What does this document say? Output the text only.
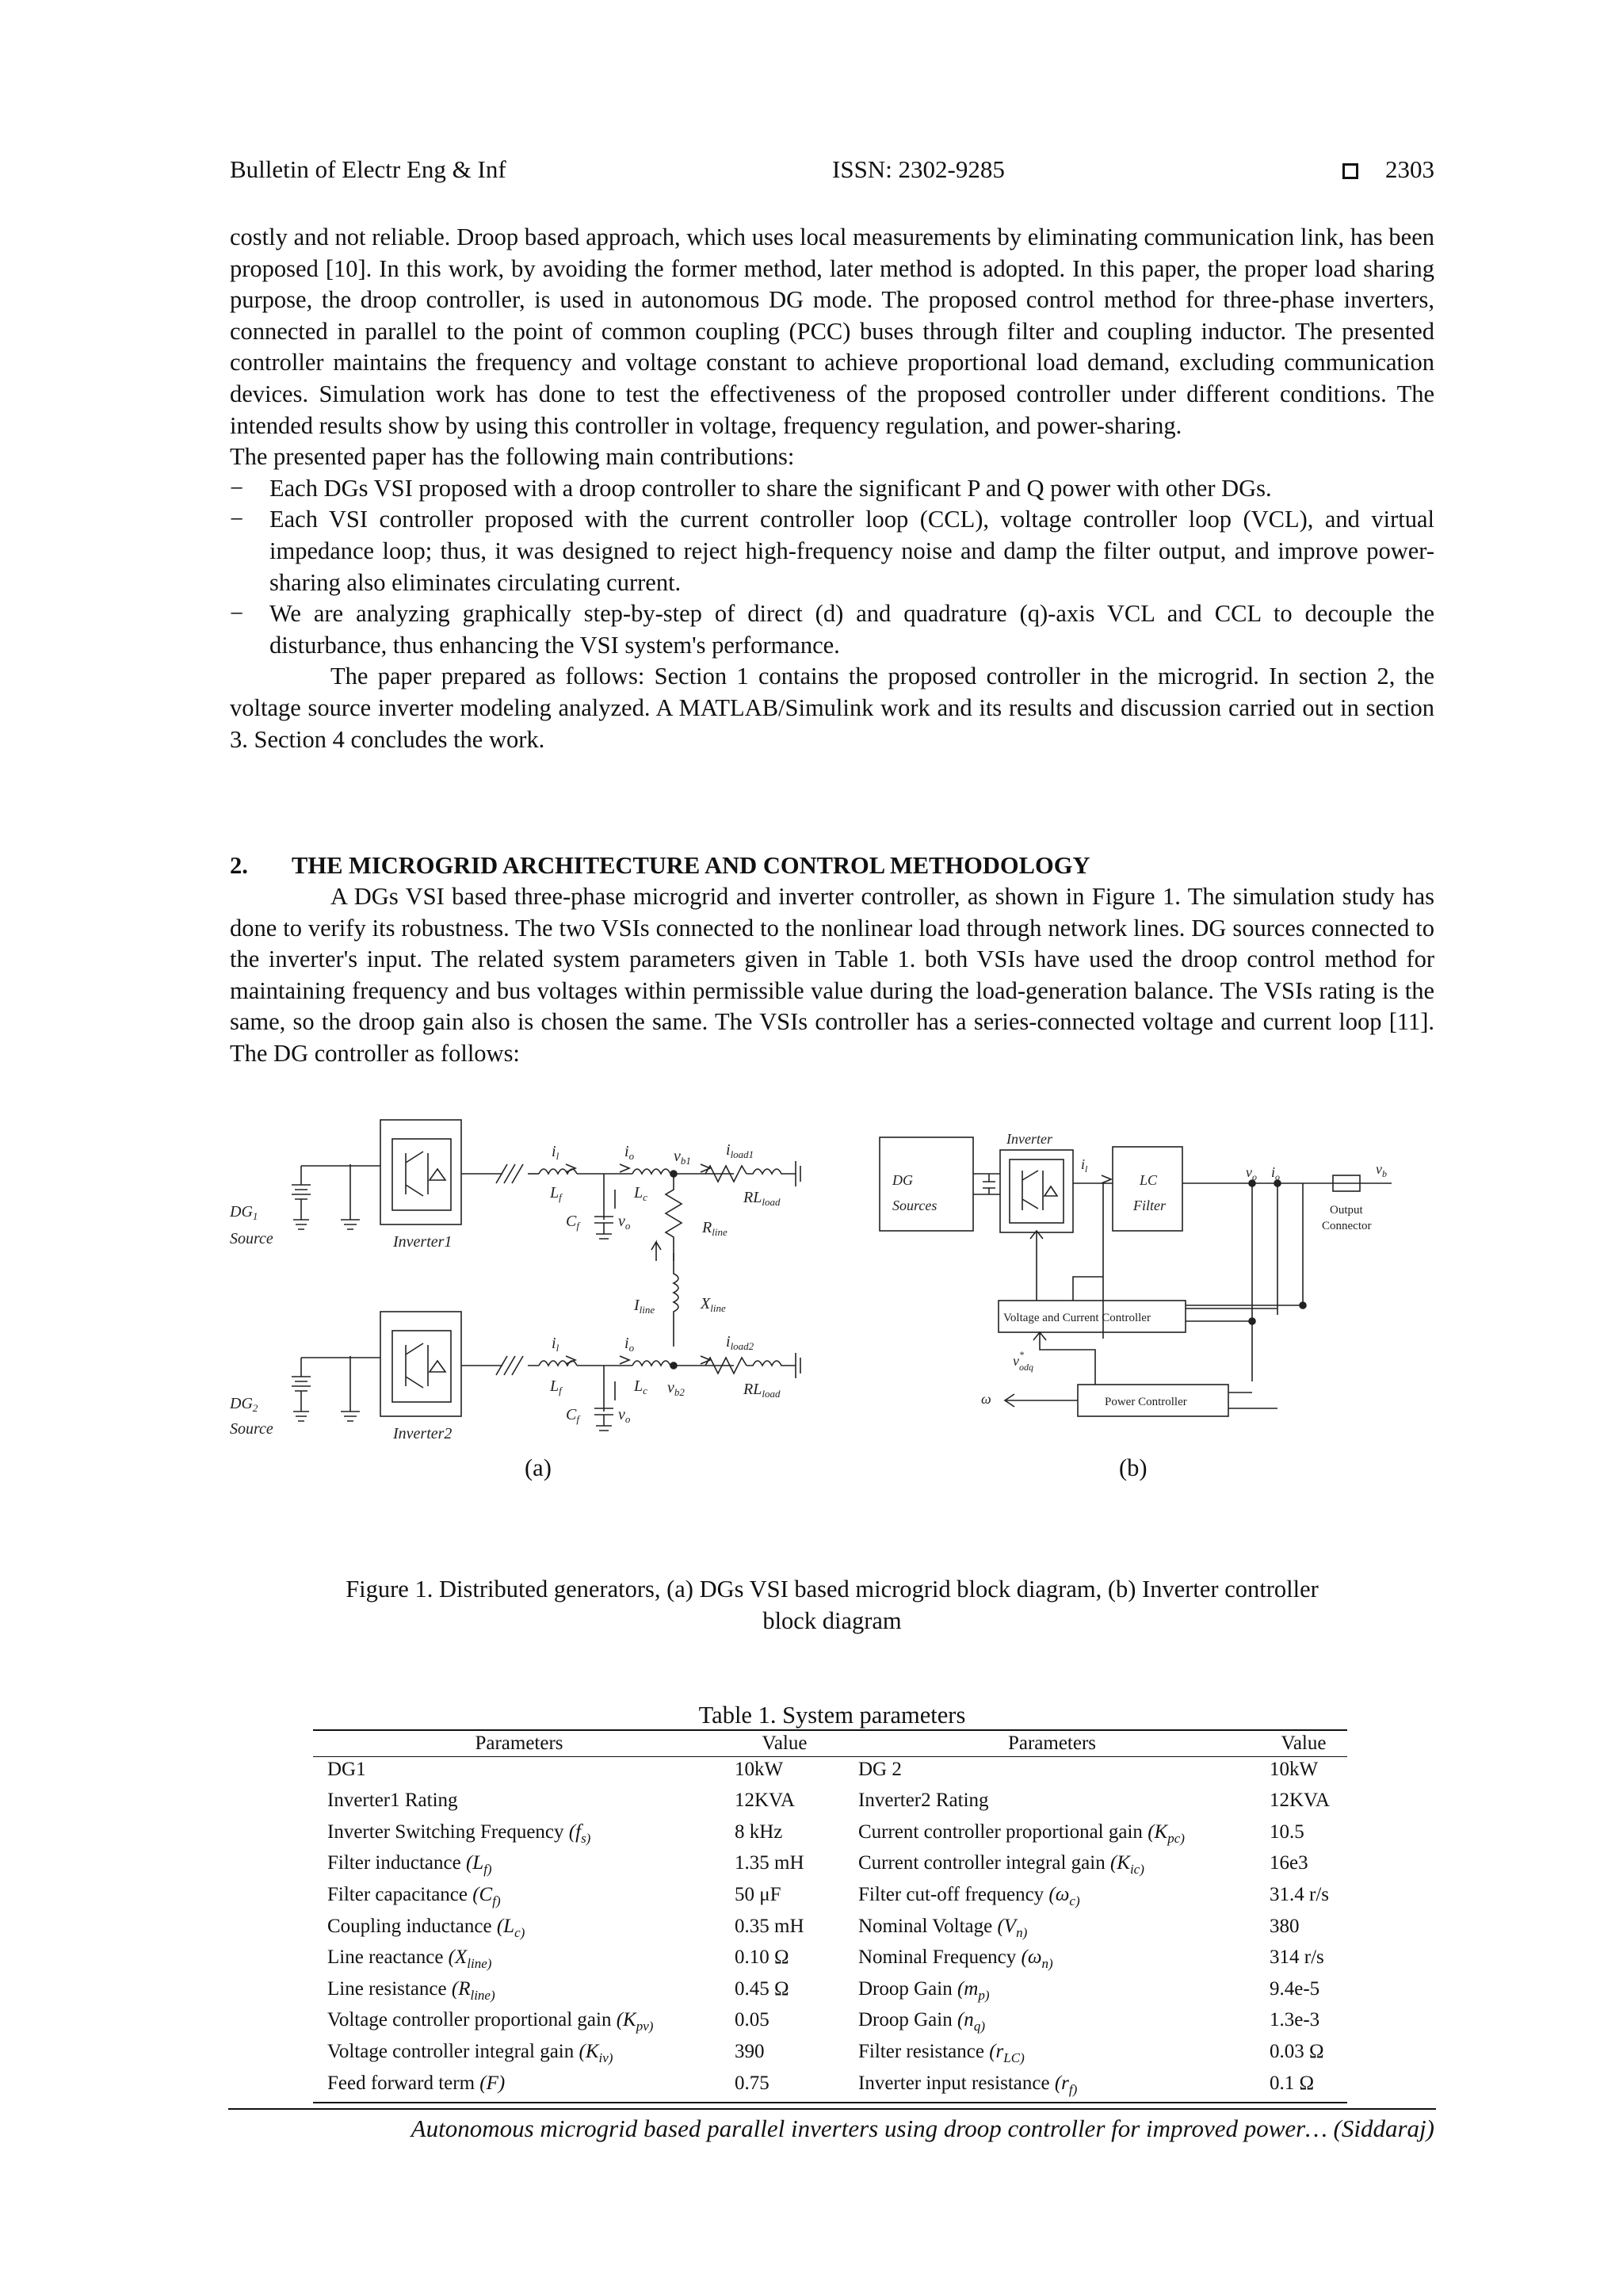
Bulletin of Electr Eng & Inf	ISSN: 2302-9285	2303

costly and not reliable. Droop based approach, which uses local measurements by eliminating communication link, has been proposed [10]. In this work, by avoiding the former method, later method is adopted. In this paper, the proper load sharing purpose, the droop controller, is used in autonomous DG mode. The proposed control method for three-phase inverters, connected in parallel to the point of common coupling (PCC) buses through filter and coupling inductor. The presented controller maintains the frequency and voltage constant to achieve proportional load demand, excluding communication devices. Simulation work has done to test the effectiveness of the proposed controller under different conditions. The intended results show by using this controller in voltage, frequency regulation, and power-sharing.

The presented paper has the following main contributions:

− Each DGs VSI proposed with a droop controller to share the significant P and Q power with other DGs.

− Each VSI controller proposed with the current controller loop (CCL), voltage controller loop (VCL), and virtual impedance loop; thus, it was designed to reject high-frequency noise and damp the filter output, and improve power-sharing also eliminates circulating current.

− We are analyzing graphically step-by-step of direct (d) and quadrature (q)-axis VCL and CCL to decouple the disturbance, thus enhancing the VSI system's performance.

The paper prepared as follows: Section 1 contains the proposed controller in the microgrid. In section 2, the voltage source inverter modeling analyzed. A MATLAB/Simulink work and its results and discussion carried out in section 3. Section 4 concludes the work.

2. THE MICROGRID ARCHITECTURE AND CONTROL METHODOLOGY

A DGs VSI based three-phase microgrid and inverter controller, as shown in Figure 1. The simulation study has done to verify its robustness. The two VSIs connected to the nonlinear load through network lines. DG sources connected to the inverter's input. The related system parameters given in Table 1. both VSIs have used the droop control method for maintaining frequency and bus voltages within permissible value during the load-generation balance. The VSIs rating is the same, so the droop gain also is chosen the same. The VSIs controller has a series-connected voltage and current loop [11]. The DG controller as follows:

$DG_1$
Source	Inverter1
$DG_2$
Source	Inverter2
$i_l$	$i_o$ $v_{b1}$
$i_{load1}$
$L_f$	$L_c$
$C_f$ $v_o$
$RL_{load}$
$R_{line}$
$I_{line}$	$X_{line}$
$i_l$	$i_o$	$i_{load2}$
$L_f$	$L_c$ $v_{b2}$	$RL_{load}$
$C_f$ $v_o$
DG
Sources
Inverter
$i_l$
LC
Filter
$v_o$ $i_o$	$v_b$
Output
Connector
Voltage and Current Controller
v* odq
ω	Power Controller
(a)	(b)
Figure 1. Distributed generators, (a) DGs VSI based microgrid block diagram, (b) Inverter controller block diagram
Table 1. System parameters
Parameters	Value	Parameters	Value
DG1	10kW	DG 2	10kW
Inverter1 Rating	12KVA	Inverter2 Rating	12KVA
Inverter Switching Frequency ($f_{s)}$	8 kHz	Current controller proportional gain ($K_{pc)}$	10.5
Filter inductance ($L_{f)}$	1.35 mH	Current controller integral gain ($K_{ic)}$	16e3
Filter capacitance ($C_{f)}$	50 μF	Filter cut-off frequency ($\omega_{c)}$	31.4 r/s
Coupling inductance ($L_{c)}$	0.35 mH	Nominal Voltage ($V_{n)}$	380
Line reactance ($X_{line)}$	0.10 Ω	Nominal Frequency ($\omega_{n)}$	314 r/s
Line resistance ($R_{line)}$	0.45 Ω	Droop Gain ($m_{p)}$	9.4e-5
Voltage controller proportional gain ($K_{pv)}$	0.05	Droop Gain ($n_{q)}$	1.3e-3
Voltage controller integral gain ($K_{iv)}$	390	Filter resistance ($r_{LC)}$	0.03 Ω
Feed forward term (F)	0.75	Inverter input resistance ($r_{f)}$	0.1 Ω
Autonomous microgrid based parallel inverters using droop controller for improved power… (Siddaraj)
